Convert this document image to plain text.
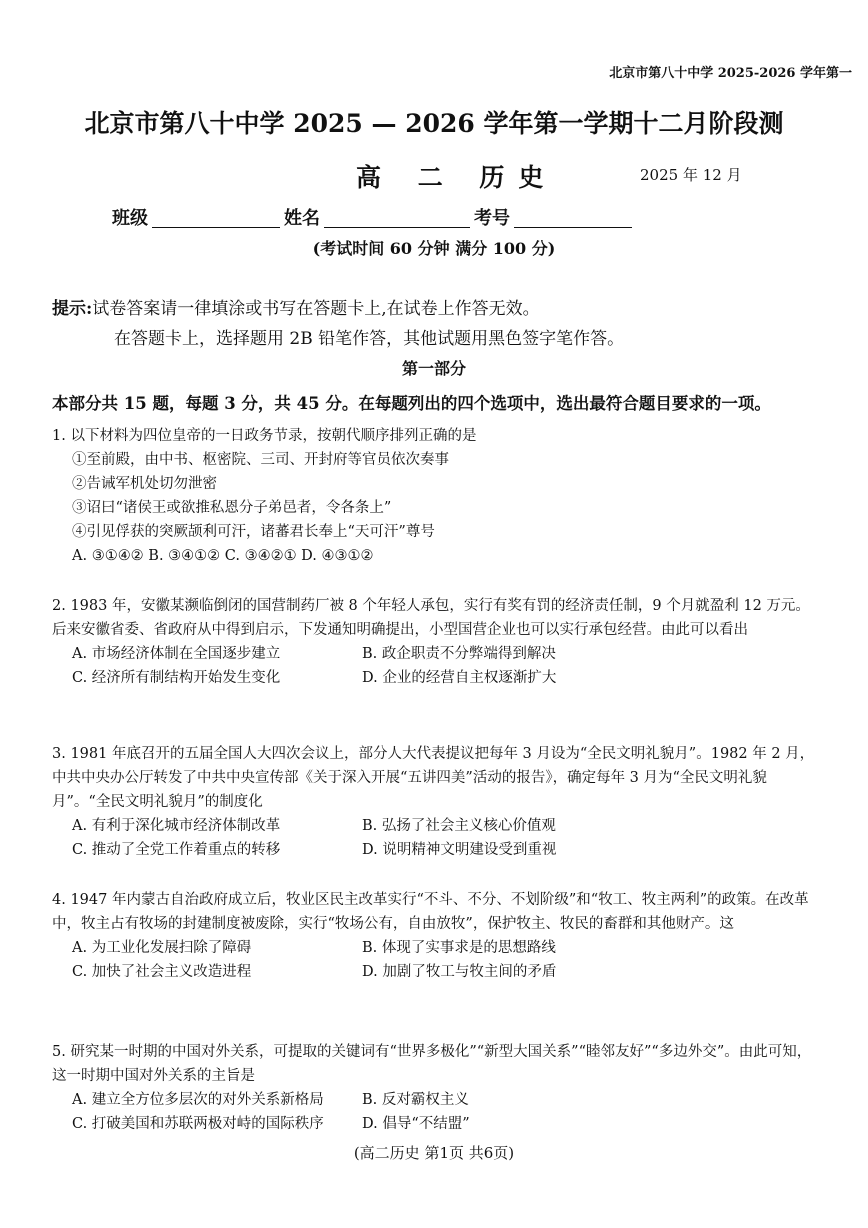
北京市第八十中学 2025-2026 学年第一
北京市第八十中学 2025 — 2026 学年第一学期十二月阶段测
高 二 历史	2025 年 12 月
班级	姓名	考号
(考试时间 60 分钟 满分 100 分)
提示:试卷答案请一律填涂或书写在答题卡上,在试卷上作答无效。
在答题卡上，选择题用 2B 铅笔作答，其他试题用黑色签字笔作答。
第一部分
本部分共 15 题，每题 3 分，共 45 分。在每题列出的四个选项中，选出最符合题目要求的一项。

1. 以下材料为四位皇帝的一日政务节录，按朝代顺序排列正确的是

①至前殿，由中书、枢密院、三司、开封府等官员依次奏事

②告诫军机处切勿泄密

③诏曰“诸侯王或欲推私恩分子弟邑者，令各条上”

④引见俘获的突厥颉利可汗，诸蕃君长奉上“天可汗”尊号

A. ③①④② B. ③④①② C. ③④②① D. ④③①②

2. 1983 年，安徽某濒临倒闭的国营制药厂被 8 个年轻人承包，实行有奖有罚的经济责任制，9 个月就盈利 12 万元。后来安徽省委、省政府从中得到启示，下发通知明确提出，小型国营企业也可以实行承包经营。由此可以看出

A. 市场经济体制在全国逐步建立	B. 政企职责不分弊端得到解决
C. 经济所有制结构开始发生变化	D. 企业的经营自主权逐渐扩大

3. 1981 年底召开的五届全国人大四次会议上，部分人大代表提议把每年 3 月设为“全民文明礼貌月”。1982 年 2 月，中共中央办公厅转发了中共中央宣传部《关于深入开展“五讲四美”活动的报告》，确定每年 3 月为“全民文明礼貌月”。“全民文明礼貌月”的制度化

A. 有利于深化城市经济体制改革	B. 弘扬了社会主义核心价值观
C. 推动了全党工作着重点的转移	D. 说明精神文明建设受到重视

4. 1947 年内蒙古自治政府成立后，牧业区民主改革实行“不斗、不分、不划阶级”和“牧工、牧主两利”的政策。在改革中，牧主占有牧场的封建制度被废除，实行“牧场公有，自由放牧”，保护牧主、牧民的畜群和其他财产。这

A. 为工业化发展扫除了障碍	B. 体现了实事求是的思想路线
C. 加快了社会主义改造进程	D. 加剧了牧工与牧主间的矛盾

5. 研究某一时期的中国对外关系，可提取的关键词有“世界多极化”“新型大国关系”“睦邻友好”“多边外交”。由此可知，这一时期中国对外关系的主旨是

A. 建立全方位多层次的对外关系新格局	B. 反对霸权主义
C. 打破美国和苏联两极对峙的国际秩序	D. 倡导“不结盟”
(高二历史 第1页 共6页)
